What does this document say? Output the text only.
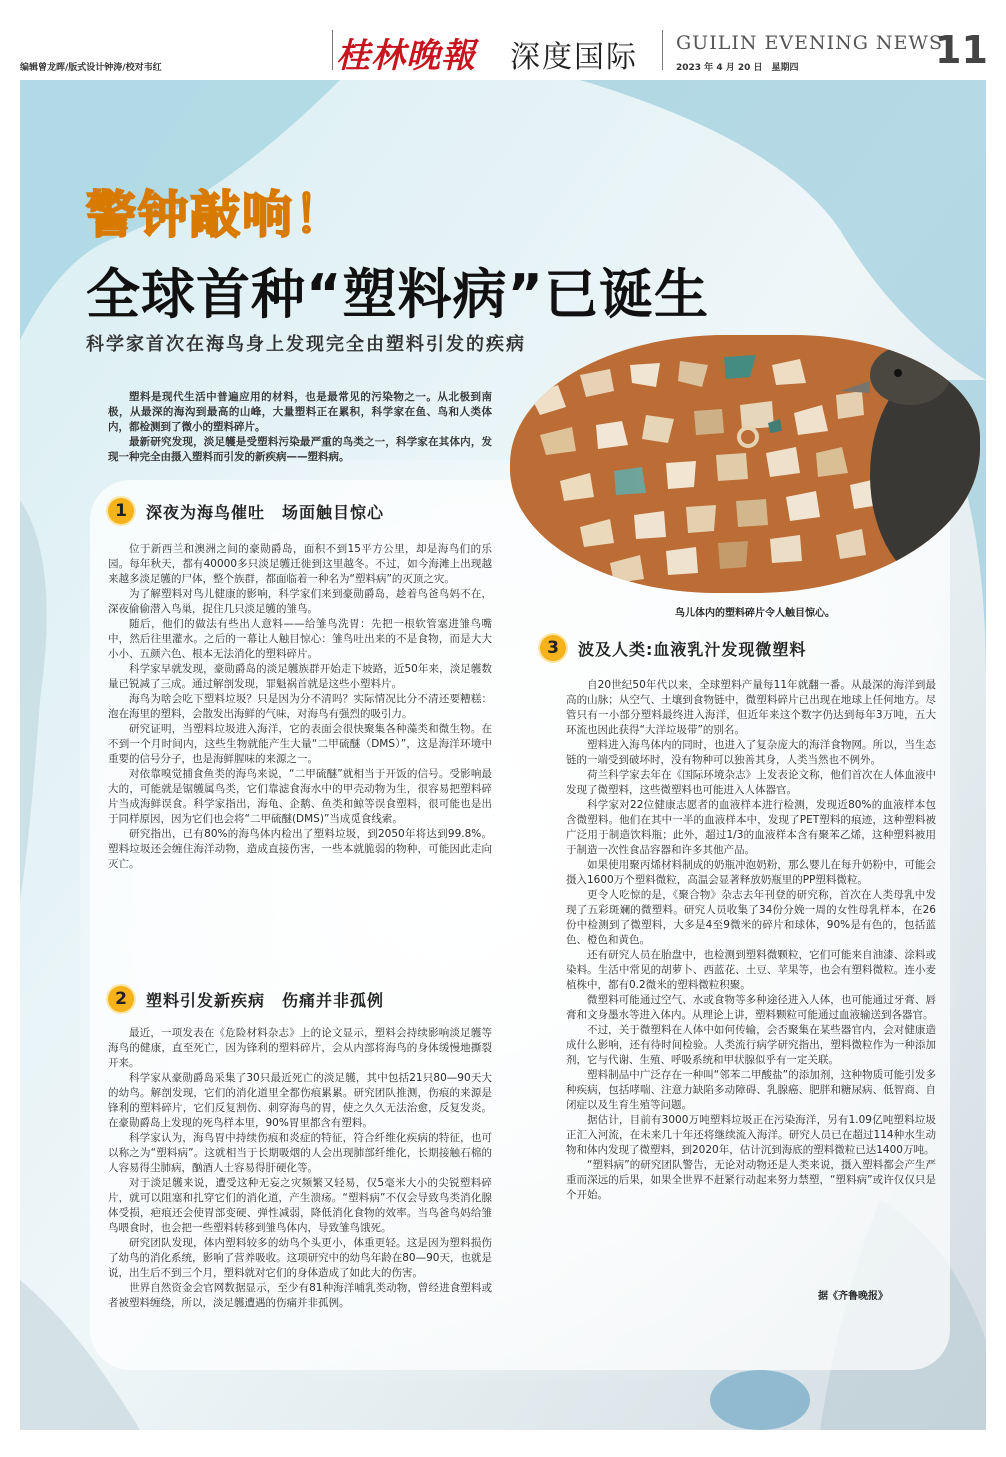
编辑曾龙晖/版式设计钟涛/校对韦红	桂林晚報 深度国际 GUILIN EVENING NEWS
2023 年 4 月 20 日　星期四	11
警钟敲响！
全球首种“塑料病”已诞生
科学家首次在海鸟身上发现完全由塑料引发的疾病

塑料是现代生活中普遍应用的材料，也是最常见的污染物之一。从北极到南极，从最深的海沟到最高的山峰，大量塑料正在累积，科学家在鱼、鸟和人类体内，都检测到了微小的塑料碎片。

最新研究发现，淡足鹱是受塑料污染最严重的鸟类之一，科学家在其体内，发现一种完全由摄入塑料而引发的新疾病——塑料病。

鸟儿体内的塑料碎片令人触目惊心。
1	深夜为海鸟催吐　场面触目惊心

位于新西兰和澳洲之间的豪勋爵岛，面积不到15平方公里，却是海鸟们的乐园。每年秋天，都有40000多只淡足鹱迁徙到这里越冬。不过，如今海滩上出现越来越多淡足鹱的尸体，整个族群，都面临着一种名为“塑料病”的灭顶之灾。

为了解塑料对鸟儿健康的影响，科学家们来到豪勋爵岛，趁着鸟爸鸟妈不在，深夜偷偷潜入鸟巢，捉住几只淡足鹱的雏鸟。

随后，他们的做法有些出人意料——给雏鸟洗胃：先把一根软管塞进雏鸟嘴中，然后往里灌水。之后的一幕让人触目惊心：雏鸟吐出来的不是食物，而是大大小小、五颜六色、根本无法消化的塑料碎片。

科学家早就发现，豪勋爵岛的淡足鹱族群开始走下坡路，近50年来，淡足鹱数量已锐减了三成。通过解剖发现，罪魁祸首就是这些小塑料片。

海鸟为啥会吃下塑料垃圾？只是因为分不清吗？实际情况比分不清还要糟糕：泡在海里的塑料，会散发出海鲜的气味，对海鸟有强烈的吸引力。

研究证明，当塑料垃圾进入海洋，它的表面会很快聚集各种藻类和微生物。在不到一个月时间内，这些生物就能产生大量“二甲硫醚（DMS）”，这是海洋环境中重要的信号分子，也是海鲜腥味的来源之一。

对依靠嗅觉捕食鱼类的海鸟来说，“二甲硫醚”就相当于开饭的信号。受影响最大的，可能就是锯鹱属鸟类，它们靠滤食海水中的甲壳动物为生，很容易把塑料碎片当成海鲜误食。科学家指出，海龟、企鹅、鱼类和鲸等误食塑料，很可能也是出于同样原因，因为它们也会将“二甲硫醚(DMS)”当成觅食线索。

研究指出，已有80%的海鸟体内检出了塑料垃圾，到2050年将达到99.8%。塑料垃圾还会缠住海洋动物，造成直接伤害，一些本就脆弱的物种，可能因此走向灭亡。

2	塑料引发新疾病　伤痛并非孤例

最近，一项发表在《危险材料杂志》上的论文显示，塑料会持续影响淡足鹱等海鸟的健康，直至死亡，因为锋利的塑料碎片，会从内部将海鸟的身体缓慢地撕裂开来。

科学家从豪勋爵岛采集了30只最近死亡的淡足鹱，其中包括21只80—90天大的幼鸟。解剖发现，它们的消化道里全都伤痕累累。研究团队推测，伤痕的来源是锋利的塑料碎片，它们反复割伤、刺穿海鸟的胃，使之久久无法治愈，反复发炎。在豪勋爵岛上发现的死鸟样本里，90%胃里都含有塑料。

科学家认为，海鸟胃中持续伤痕和炎症的特征，符合纤维化疾病的特征，也可以称之为“塑料病”。这就相当于长期吸烟的人会出现肺部纤维化，长期接触石棉的人容易得尘肺病，酗酒人士容易得肝硬化等。

对于淡足鹱来说，遭受这种无妄之灾频繁又轻易，仅5毫米大小的尖锐塑料碎片，就可以阻塞和扎穿它们的消化道，产生溃疡。“塑料病”不仅会导致鸟类消化腺体受损，疤痕还会使胃部变硬、弹性减弱，降低消化食物的效率。当鸟爸鸟妈给雏鸟喂食时，也会把一些塑料转移到雏鸟体内，导致雏鸟饿死。

研究团队发现，体内塑料较多的幼鸟个头更小，体重更轻。这是因为塑料损伤了幼鸟的消化系统，影响了营养吸收。这项研究中的幼鸟年龄在80—90天，也就是说，出生后不到三个月，塑料就对它们的身体造成了如此大的伤害。

世界自然资金会官网数据显示，至少有81种海洋哺乳类动物，曾经进食塑料或者被塑料缠绕，所以，淡足鹱遭遇的伤痛并非孤例。

3	波及人类:血液乳汁发现微塑料

自20世纪50年代以来，全球塑料产量每11年就翻一番。从最深的海洋到最高的山脉；从空气、土壤到食物链中，微塑料碎片已出现在地球上任何地方。尽管只有一小部分塑料最终进入海洋，但近年来这个数字仍达到每年3万吨，五大环流也因此获得“大洋垃圾带”的别名。

塑料进入海鸟体内的同时，也进入了复杂庞大的海洋食物网。所以，当生态链的一端受到破坏时，没有物种可以独善其身，人类当然也不例外。

荷兰科学家去年在《国际环境杂志》上发表论文称，他们首次在人体血液中发现了微塑料，这些微塑料也可能进入人体器官。

科学家对22位健康志愿者的血液样本进行检测，发现近80%的血液样本包含微塑料。他们在其中一半的血液样本中，发现了PET塑料的痕迹，这种塑料被广泛用于制造饮料瓶；此外，超过1/3的血液样本含有聚苯乙烯，这种塑料被用于制造一次性食品容器和许多其他产品。

如果使用聚丙烯材料制成的奶瓶冲泡奶粉，那么婴儿在每升奶粉中，可能会摄入1600万个塑料微粒，高温会显著释放奶瓶里的PP塑料微粒。

更令人吃惊的是，《聚合物》杂志去年刊登的研究称，首次在人类母乳中发现了五彩斑斓的微塑料。研究人员收集了34份分娩一周的女性母乳样本，在26份中检测到了微塑料，大多是4至9微米的碎片和球体，90%是有色的，包括蓝色、橙色和黄色。

还有研究人员在胎盘中，也检测到塑料微颗粒，它们可能来自油漆、涂料或染料。生活中常见的胡萝卜、西蓝花、土豆、苹果等，也会有塑料微粒。连小麦植株中，都有0.2微米的塑料微粒积聚。

微塑料可能通过空气、水或食物等多种途径进入人体，也可能通过牙膏、唇膏和文身墨水等进入体内。从理论上讲，塑料颗粒可能通过血液输送到各器官。

不过，关于微塑料在人体中如何传输，会否聚集在某些器官内，会对健康造成什么影响，还有待时间检验。人类流行病学研究指出，塑料微粒作为一种添加剂，它与代谢、生殖、呼吸系统和甲状腺似乎有一定关联。

塑料制品中广泛存在一种叫“邻苯二甲酸盐”的添加剂，这种物质可能引发多种疾病，包括哮喘、注意力缺陷多动障碍、乳腺癌、肥胖和糖尿病、低智商、自闭症以及生育生殖等问题。

据估计，目前有3000万吨塑料垃圾正在污染海洋，另有1.09亿吨塑料垃圾正汇入河流，在未来几十年还将继续流入海洋。研究人员已在超过114种水生动物和体内发现了微塑料，到2020年，估计沉到海底的塑料微粒已达1400万吨。

“塑料病”的研究团队警告，无论对动物还是人类来说，摄入塑料都会产生严重而深远的后果，如果全世界不赶紧行动起来努力禁塑，“塑料病”或许仅仅只是个开始。

据《齐鲁晚报》
